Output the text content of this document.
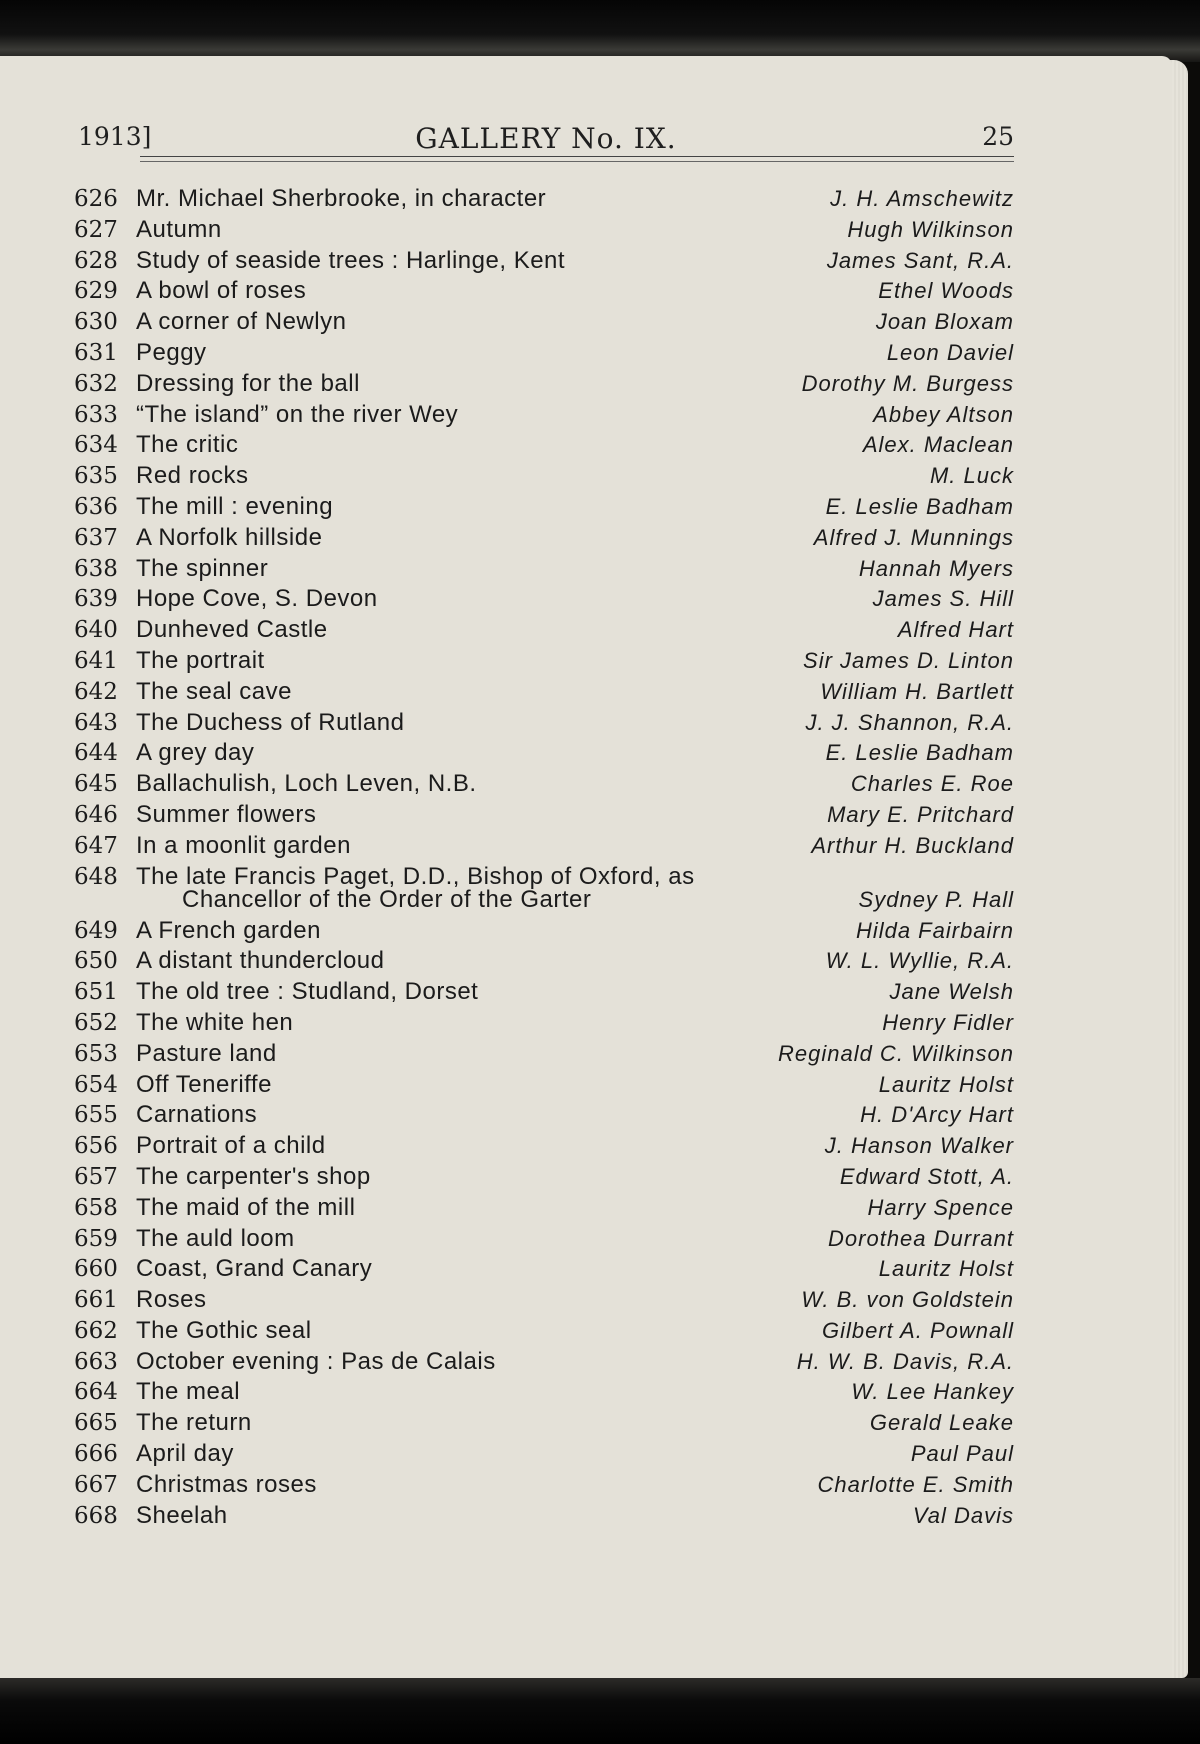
1913]	GALLERY No. IX.	25
626 Mr. Michael Sherbrooke, in character	J. H. Amschewitz
627 Autumn	Hugh Wilkinson
628 Study of seaside trees : Harlinge, Kent	James Sant, R.A.
629 A bowl of roses	Ethel Woods
630 A corner of Newlyn	Joan Bloxam
631 Peggy	Leon Daviel
632 Dressing for the ball	Dorothy M. Burgess
633 “The island” on the river Wey	Abbey Altson
634 The critic	Alex. Maclean
635 Red rocks	M. Luck
636 The mill : evening	E. Leslie Badham
637 A Norfolk hillside	Alfred J. Munnings
638 The spinner	Hannah Myers
639 Hope Cove, S. Devon	James S. Hill
640 Dunheved Castle	Alfred Hart
641 The portrait	Sir James D. Linton
642 The seal cave	William H. Bartlett
643 The Duchess of Rutland	J. J. Shannon, R.A.
644 A grey day	E. Leslie Badham
645 Ballachulish, Loch Leven, N.B.	Charles E. Roe
646 Summer flowers	Mary E. Pritchard
647 In a moonlit garden	Arthur H. Buckland
648 The late Francis Paget, D.D., Bishop of Oxford, as
Chancellor of the Order of the Garter	Sydney P. Hall
649 A French garden	Hilda Fairbairn
650 A distant thundercloud	W. L. Wyllie, R.A.
651 The old tree : Studland, Dorset	Jane Welsh
652 The white hen	Henry Fidler
653 Pasture land	Reginald C. Wilkinson
654 Off Teneriffe	Lauritz Holst
655 Carnations	H. D'Arcy Hart
656 Portrait of a child	J. Hanson Walker
657 The carpenter's shop	Edward Stott, A.
658 The maid of the mill	Harry Spence
659 The auld loom	Dorothea Durrant
660 Coast, Grand Canary	Lauritz Holst
661 Roses	W. B. von Goldstein
662 The Gothic seal	Gilbert A. Pownall
663 October evening : Pas de Calais	H. W. B. Davis, R.A.
664 The meal	W. Lee Hankey
665 The return	Gerald Leake
666 April day	Paul Paul
667 Christmas roses	Charlotte E. Smith
668 Sheelah	Val Davis
